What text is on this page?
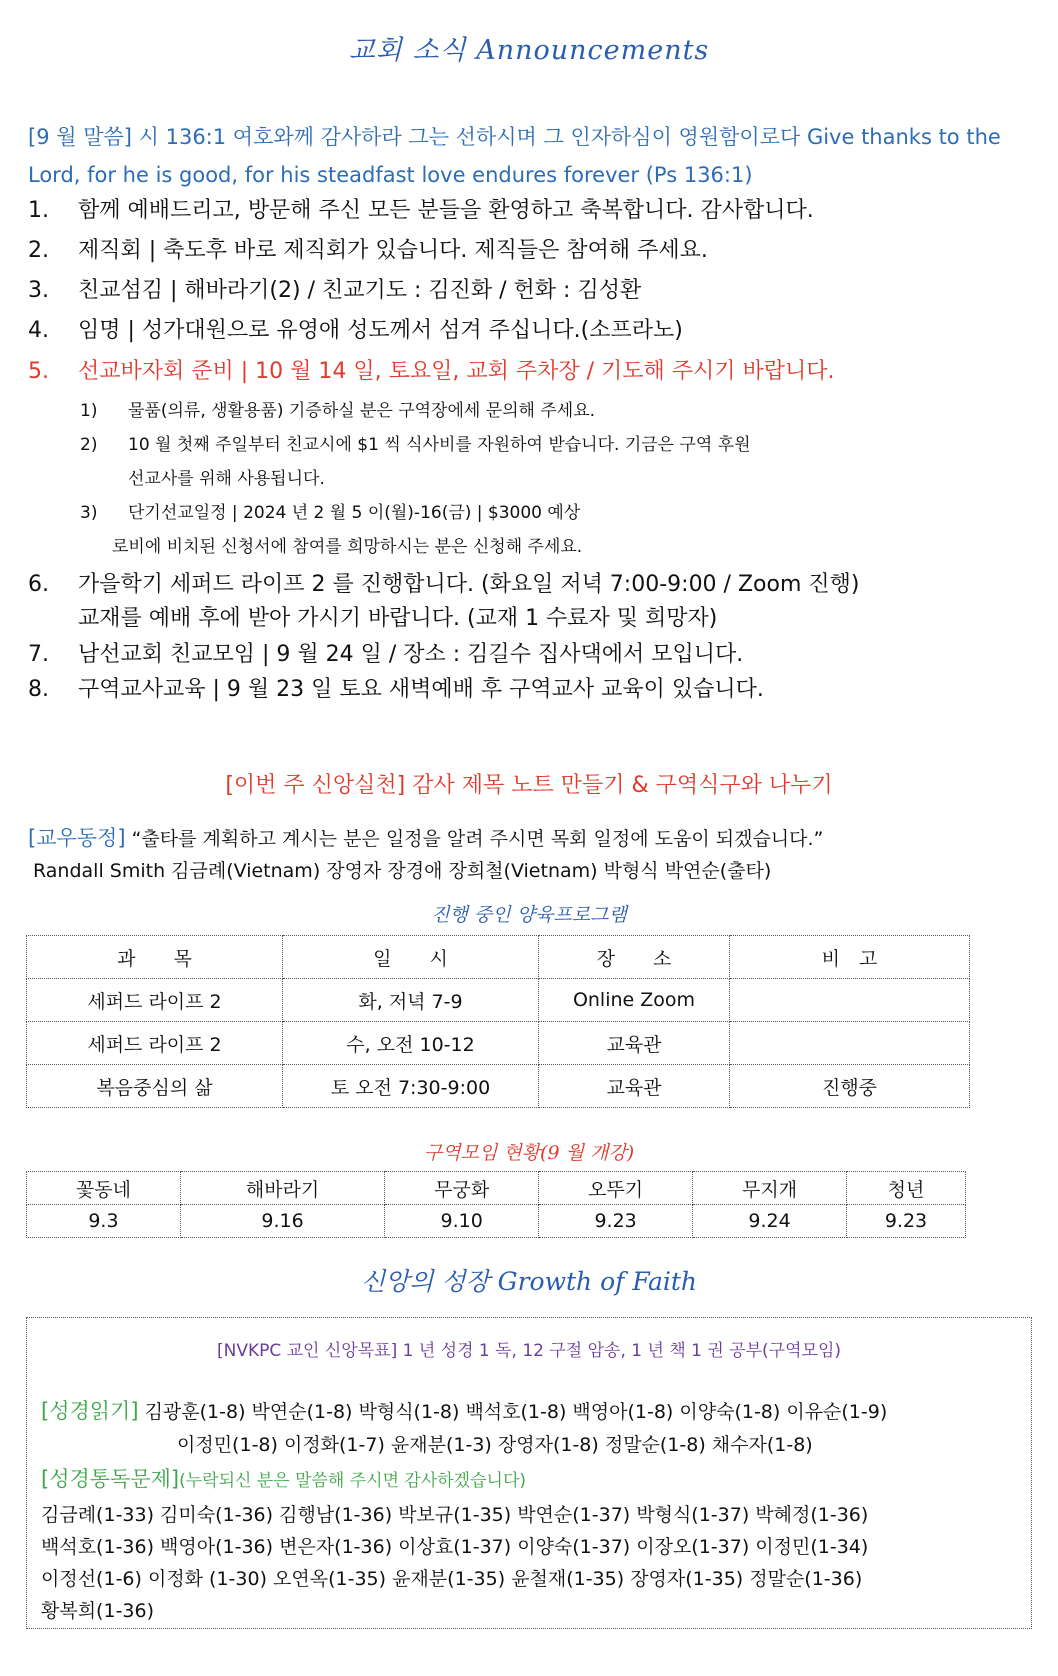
교회 소식 Announcements
[9 월 말씀] 시 136:1 여호와께 감사하라 그는 선하시며 그 인자하심이 영원함이로다 Give thanks to the Lord, for he is good, for his steadfast love endures forever (Ps 136:1)
1.	함께 예배드리고, 방문해 주신 모든 분들을 환영하고 축복합니다. 감사합니다.
2.	제직회 | 축도후 바로 제직회가 있습니다. 제직들은 참여해 주세요.
3.	친교섬김 | 해바라기(2) / 친교기도 : 김진화 / 헌화 : 김성환
4.	임명 | 성가대원으로 유영애 성도께서 섬겨 주십니다.(소프라노)
5.	선교바자회 준비 | 10 월 14 일, 토요일, 교회 주차장 / 기도해 주시기 바랍니다.
1) 물품(의류, 생활용품) 기증하실 분은 구역장에세 문의해 주세요.
2) 10 월 첫째 주일부터 친교시에 $1 씩 식사비를 자원하여 받습니다. 기금은 구역 후원
선교사를 위해 사용됩니다.
3) 단기선교일정 | 2024 년 2 월 5 이(월)-16(금) | $3000 예상
로비에 비치된 신청서에 참여를 희망하시는 분은 신청해 주세요.
6.	가을학기 세퍼드 라이프 2 를 진행합니다. (화요일 저녁 7:00-9:00 / Zoom 진행)
교재를 예배 후에 받아 가시기 바랍니다. (교재 1 수료자 및 희망자)
7.	남선교회 친교모임 | 9 월 24 일 / 장소 : 김길수 집사댁에서 모입니다.
8.	구역교사교육 | 9 월 23 일 토요 새벽예배 후 구역교사 교육이 있습니다.
[이번 주 신앙실천] 감사 제목 노트 만들기 & 구역식구와 나누기
[교우동정] “출타를 계획하고 계시는 분은 일정을 알려 주시면 목회 일정에 도움이 되겠습니다.”
Randall Smith 김금례(Vietnam) 장영자 장경애 장희철(Vietnam) 박형식 박연순(출타)
진행 중인 양육프로그램
과　　목	일　　시	장　　소	비　고
세퍼드 라이프 2	화, 저녁 7-9	Online Zoom	
세퍼드 라이프 2	수, 오전 10-12	교육관	
복음중심의 삶	토 오전 7:30-9:00	교육관	진행중
구역모임 현황(9 월 개강)
꽃동네	해바라기	무궁화	오뚜기	무지개	청년
9.3	9.16	9.10	9.23	9.24	9.23
신앙의 성장 Growth of Faith
[NVKPC 교인 신앙목표] 1 년 성경 1 독, 12 구절 암송, 1 년 책 1 권 공부(구역모임)
[성경읽기] 김광훈(1-8) 박연순(1-8) 박형식(1-8) 백석호(1-8) 백영아(1-8) 이양숙(1-8) 이유순(1-9)
이정민(1-8) 이정화(1-7) 윤재분(1-3) 장영자(1-8) 정말순(1-8) 채수자(1-8)
[성경통독문제](누락되신 분은 말씀해 주시면 감사하겠습니다)
김금례(1-33) 김미숙(1-36) 김행남(1-36) 박보규(1-35) 박연순(1-37) 박형식(1-37) 박혜정(1-36)
백석호(1-36) 백영아(1-36) 변은자(1-36) 이상효(1-37) 이양숙(1-37) 이장오(1-37) 이정민(1-34)
이정선(1-6) 이정화 (1-30) 오연옥(1-35) 윤재분(1-35) 윤철재(1-35) 장영자(1-35) 정말순(1-36)
황복희(1-36)
